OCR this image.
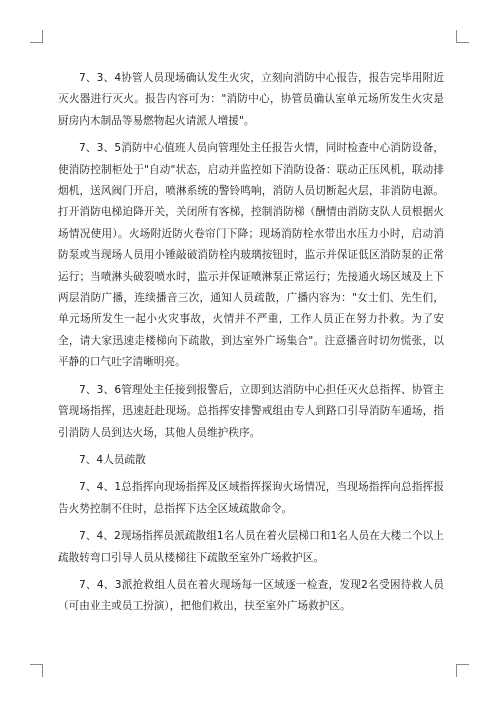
7、3、4协管人员现场确认发生火灾，立刻向消防中心报告，报告完毕用附近灭火器进行灭火。报告内容可为："消防中心，协管员确认室单元场所发生火灾是厨房内木制品等易燃物起火请派人增援"。

7、3、5消防中心值班人员向管理处主任报告火情，同时检查中心消防设备，使消防控制柜处于"自动"状态，启动并监控如下消防设备：联动正压风机，联动排烟机，送风阀门开启，喷淋系统的警铃鸣响，消防人员切断起火层，非消防电源。打开消防电梯迫降开关，关闭所有客梯，控制消防梯（酬情由消防支队人员根据火场情况使用）。火场附近防火卷帘门下降；现场消防栓水带出水压力小时，启动消防泵或当现场人员用小锤敲破消防栓内玻璃按钮时，监示并保证低区消防泵的正常运行；当喷淋头破裂喷水时，监示并保证喷淋泵正常运行；先接通火场区域及上下两层消防广播，连续播音三次，通知人员疏散，广播内容为："女士们、先生们，单元场所发生一起小火灾事故，火情并不严重，工作人员正在努力扑救。为了安全，请大家迅速走楼梯向下疏散，到达室外广场集合"。注意播音时切勿慌张，以平静的口气吐字清晰明亮。

7、3、6管理处主任接到报警后，立即到达消防中心担任灭火总指挥、协管主管现场指挥，迅速赶赴现场。总指挥安排警戒组由专人到路口引导消防车通场，指引消防人员到达火场，其他人员维护秩序。

7、4人员疏散

7、4、1总指挥向现场指挥及区域指挥探询火场情况，当现场指挥向总指挥报告火势控制不住时，总指挥下达全区域疏散命令。

7、4、2现场指挥员派疏散组1名人员在着火层梯口和1名人员在大楼二个以上疏散转弯口引导人员从楼梯往下疏散至室外广场救护区。

7、4、3派抢救组人员在着火现场每一区域逐一检查，发现2名受困待救人员（可由业主或员工扮演），把他们救出，扶至室外广场救护区。
